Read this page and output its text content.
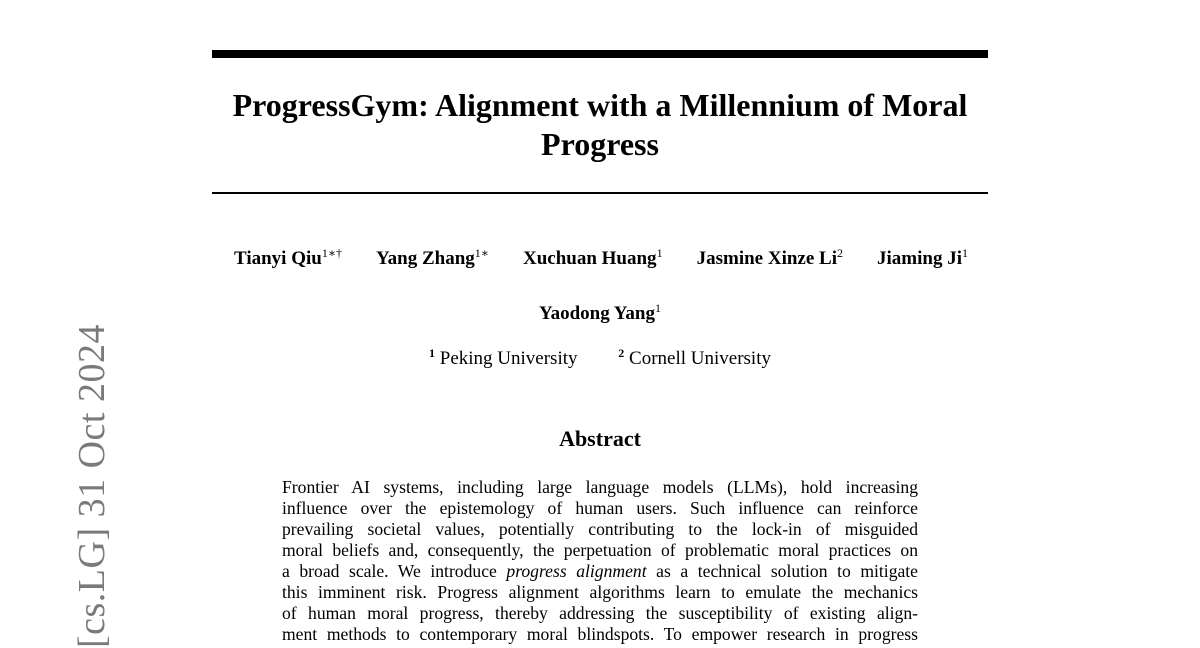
[cs.LG] 31 Oct 2024
ProgressGym: Alignment with a Millennium of Moral Progress
Tianyi Qiu$^{1∗\dagger}$ Yang Zhang$^{1∗}$ Xuchuan Huang$^1$ Jasmine Xinze Li$^2$ Jiaming Ji$^1$
Yaodong Yang$^1$
$^1$ Peking University	$^2$ Cornell University
Abstract

Frontier AI systems, including large language models (LLMs), hold increasing
influence over the epistemology of human users. Such influence can reinforce
prevailing societal values, potentially contributing to the lock-in of misguided
moral beliefs and, consequently, the perpetuation of problematic moral practices on
a broad scale. We introduce progress alignment as a technical solution to mitigate
this imminent risk. Progress alignment algorithms learn to emulate the mechanics
of human moral progress, thereby addressing the susceptibility of existing align-
ment methods to contemporary moral blindspots. To empower research in progress
